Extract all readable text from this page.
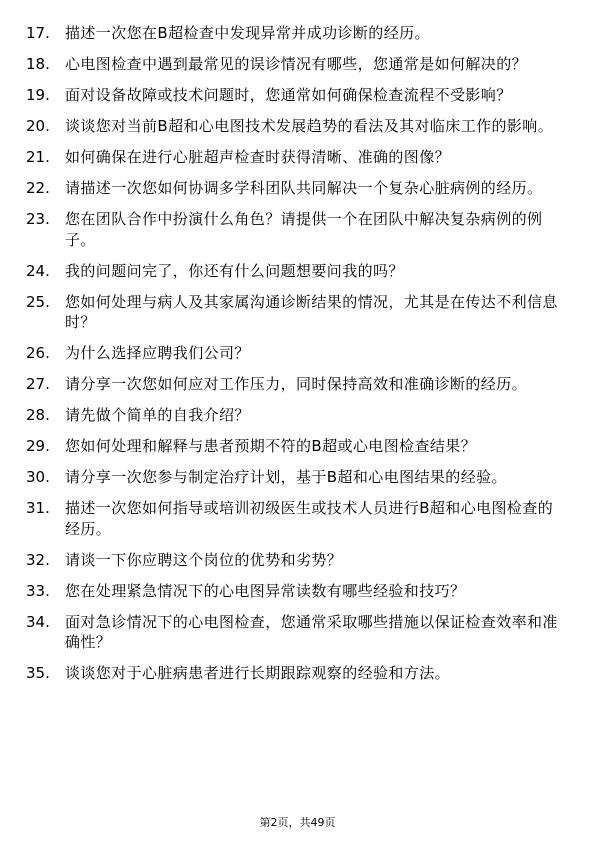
17.	描述一次您在B超检查中发现异常并成功诊断的经历。
18.	心电图检查中遇到最常见的误诊情况有哪些，您通常是如何解决的？
19.	面对设备故障或技术问题时，您通常如何确保检查流程不受影响？
20.	谈谈您对当前B超和心电图技术发展趋势的看法及其对临床工作的影响。
21.	如何确保在进行心脏超声检查时获得清晰、准确的图像？
22.	请描述一次您如何协调多学科团队共同解决一个复杂心脏病例的经历。
23.	您在团队合作中扮演什么角色？请提供一个在团队中解决复杂病例的例子。
24.	我的问题问完了，你还有什么问题想要问我的吗？
25.	您如何处理与病人及其家属沟通诊断结果的情况，尤其是在传达不利信息时？
26.	为什么选择应聘我们公司？
27.	请分享一次您如何应对工作压力，同时保持高效和准确诊断的经历。
28.	请先做个简单的自我介绍？
29.	您如何处理和解释与患者预期不符的B超或心电图检查结果？
30.	请分享一次您参与制定治疗计划，基于B超和心电图结果的经验。
31.	描述一次您如何指导或培训初级医生或技术人员进行B超和心电图检查的经历。
32.	请谈一下你应聘这个岗位的优势和劣势？
33.	您在处理紧急情况下的心电图异常读数有哪些经验和技巧？
34.	面对急诊情况下的心电图检查，您通常采取哪些措施以保证检查效率和准确性？
35.	谈谈您对于心脏病患者进行长期跟踪观察的经验和方法。
第2页，共49页
